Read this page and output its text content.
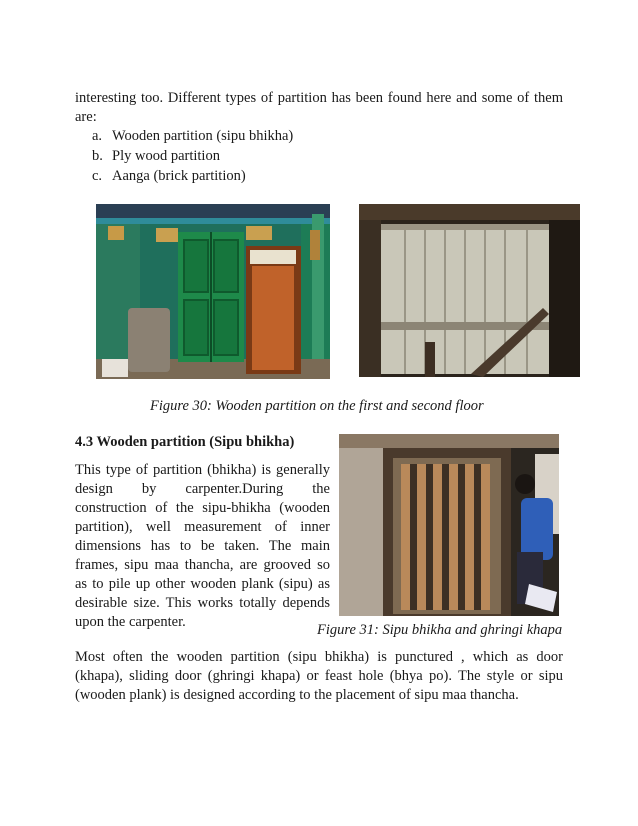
interesting too. Different types of partition has been found here and some of them
are:
a. Wooden partition (sipu bhikha)
b. Ply wood partition
c. Aanga (brick partition)
Figure 30: Wooden partition on the first and second floor
4.3 Wooden partition (Sipu bhikha)
This type of partition (bhikha) is generally
design by carpenter.During the
construction of the sipu-bhikha (wooden
partition), well measurement of inner
dimensions has to be taken. The main
frames, sipu maa thancha, are grooved so
as to pile up other wooden plank (sipu) as
desirable size. This works totally depends
upon the carpenter.	Figure 31: Sipu bhikha and ghringi khapa
Most often the wooden partition (sipu bhikha) is punctured , which as door
(khapa), sliding door (ghringi khapa) or feast hole (bhya po). The style or sipu
(wooden plank) is designed according to the placement of sipu maa thancha.
